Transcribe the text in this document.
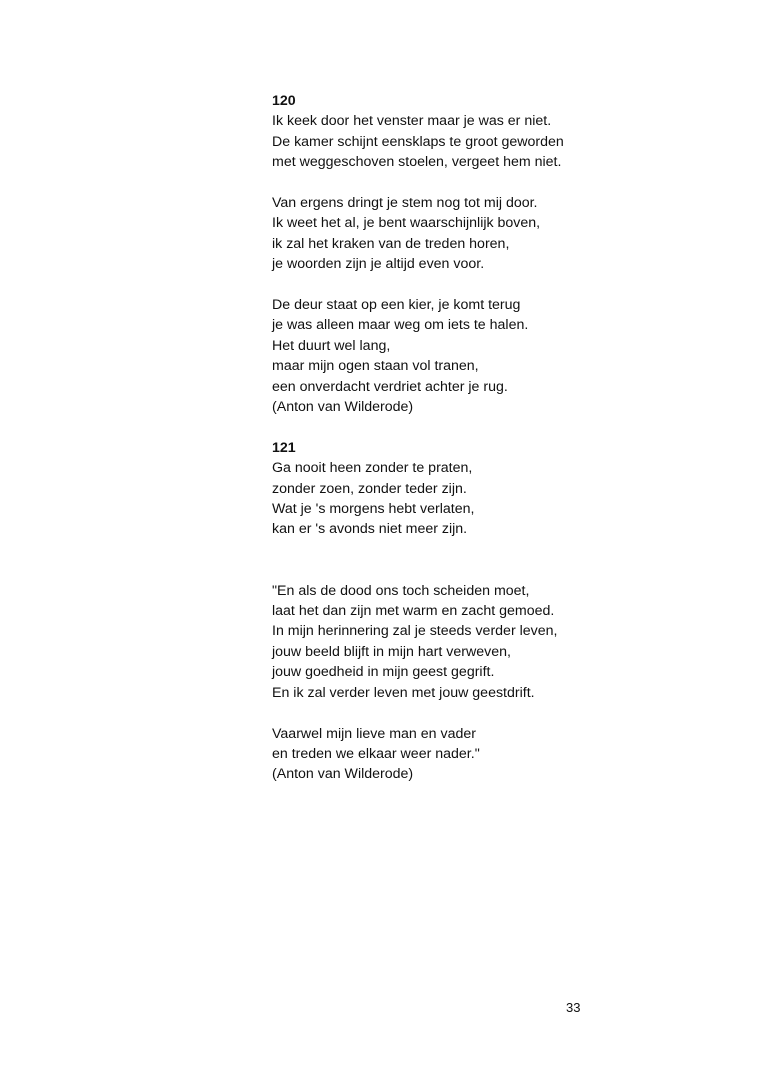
120
Ik keek door het venster maar je was er niet.
De kamer schijnt eensklaps te groot geworden
met weggeschoven stoelen, vergeet hem niet.
Van ergens dringt je stem nog tot mij door.
Ik weet het al, je bent waarschijnlijk boven,
ik zal het kraken van de treden horen,
je woorden zijn je altijd even voor.
De deur staat op een kier, je komt terug
je was alleen maar weg om iets te halen.
Het duurt wel lang,
maar mijn ogen staan vol tranen,
een onverdacht verdriet achter je rug.
(Anton van Wilderode)
121
Ga nooit heen zonder te praten,
zonder zoen, zonder teder zijn.
Wat je 's morgens hebt verlaten,
kan er 's avonds niet meer zijn.
"En als de dood ons toch scheiden moet,
laat het dan zijn met warm en zacht gemoed.
In mijn herinnering zal je steeds verder leven,
jouw beeld blijft in mijn hart verweven,
jouw goedheid in mijn geest gegrift.
En ik zal verder leven met jouw geestdrift.
Vaarwel mijn lieve man en vader
en treden we elkaar weer nader."
(Anton van Wilderode)
33
